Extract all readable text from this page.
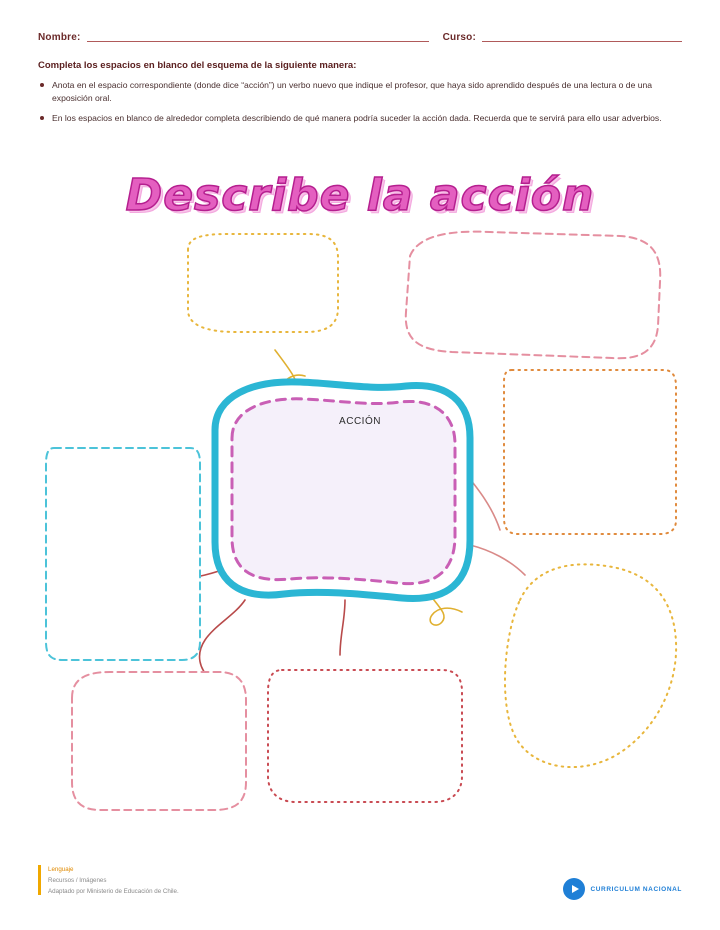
Nombre:	Curso:
Completa los espacios en blanco del esquema de la siguiente manera:
Anota en el espacio correspondiente (donde dice “acción”) un verbo nuevo que indique el profesor, que haya sido aprendido después de una lectura o de una exposición oral.
En los espacios en blanco de alrededor completa describiendo de qué manera podría suceder la acción dada. Recuerda que te servirá para ello usar adverbios.
Describe la acción
ACCIÓN
Lenguaje
Recursos / Imágenes
Adaptado por Ministerio de Educación de Chile.	CURRICULUM NACIONAL
